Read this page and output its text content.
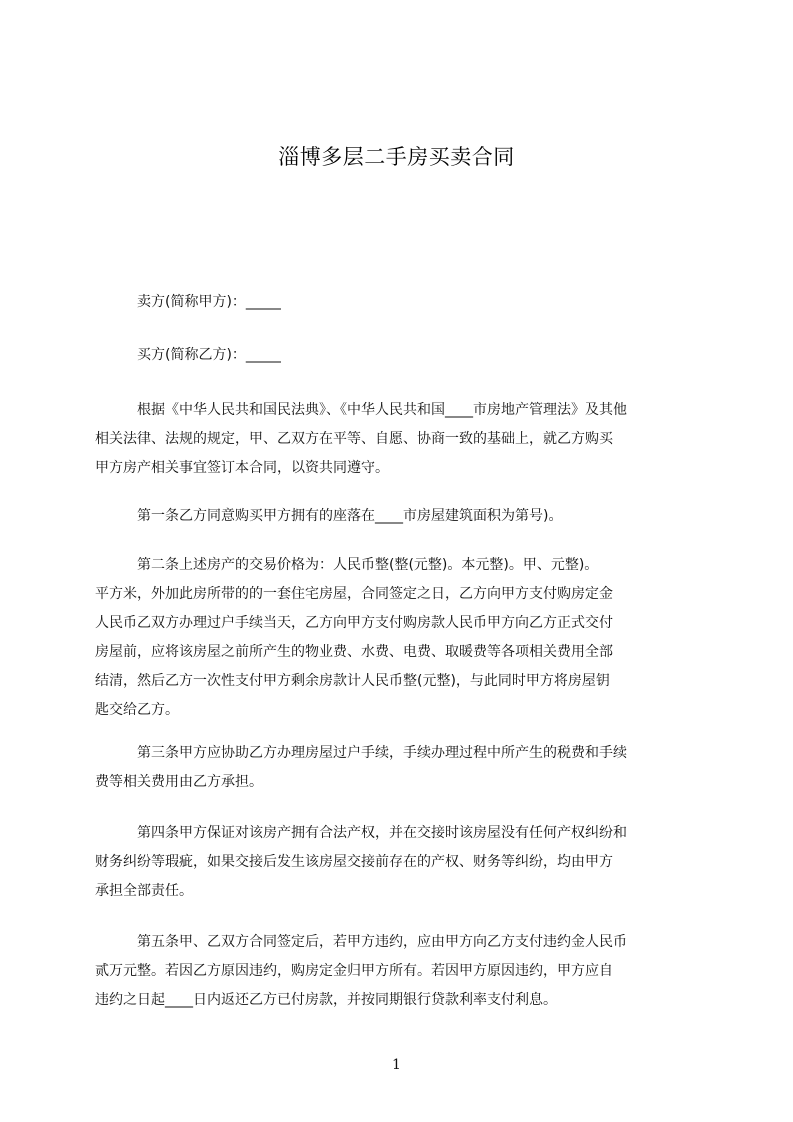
淄博多层二手房买卖合同
卖方(简称甲方)：_____
买方(简称乙方)：_____
根据《中华人民共和国民法典》、《中华人民共和国____市房地产管理法》及其他
相关法律、法规的规定，甲、乙双方在平等、自愿、协商一致的基础上，就乙方购买
甲方房产相关事宜签订本合同，以资共同遵守。
第一条乙方同意购买甲方拥有的座落在____市房屋建筑面积为第号)。
第二条上述房产的交易价格为：人民币整(整(元整)。本元整)。甲、元整)。
平方米，外加此房所带的的一套住宅房屋，合同签定之日，乙方向甲方支付购房定金
人民币乙双方办理过户手续当天，乙方向甲方支付购房款人民币甲方向乙方正式交付
房屋前，应将该房屋之前所产生的物业费、水费、电费、取暖费等各项相关费用全部
结清，然后乙方一次性支付甲方剩余房款计人民币整(元整)，与此同时甲方将房屋钥
匙交给乙方。
第三条甲方应协助乙方办理房屋过户手续，手续办理过程中所产生的税费和手续
费等相关费用由乙方承担。
第四条甲方保证对该房产拥有合法产权，并在交接时该房屋没有任何产权纠纷和
财务纠纷等瑕疵，如果交接后发生该房屋交接前存在的产权、财务等纠纷，均由甲方
承担全部责任。
第五条甲、乙双方合同签定后，若甲方违约，应由甲方向乙方支付违约金人民币
贰万元整。若因乙方原因违约，购房定金归甲方所有。若因甲方原因违约，甲方应自
违约之日起____日内返还乙方已付房款，并按同期银行贷款利率支付利息。
1
